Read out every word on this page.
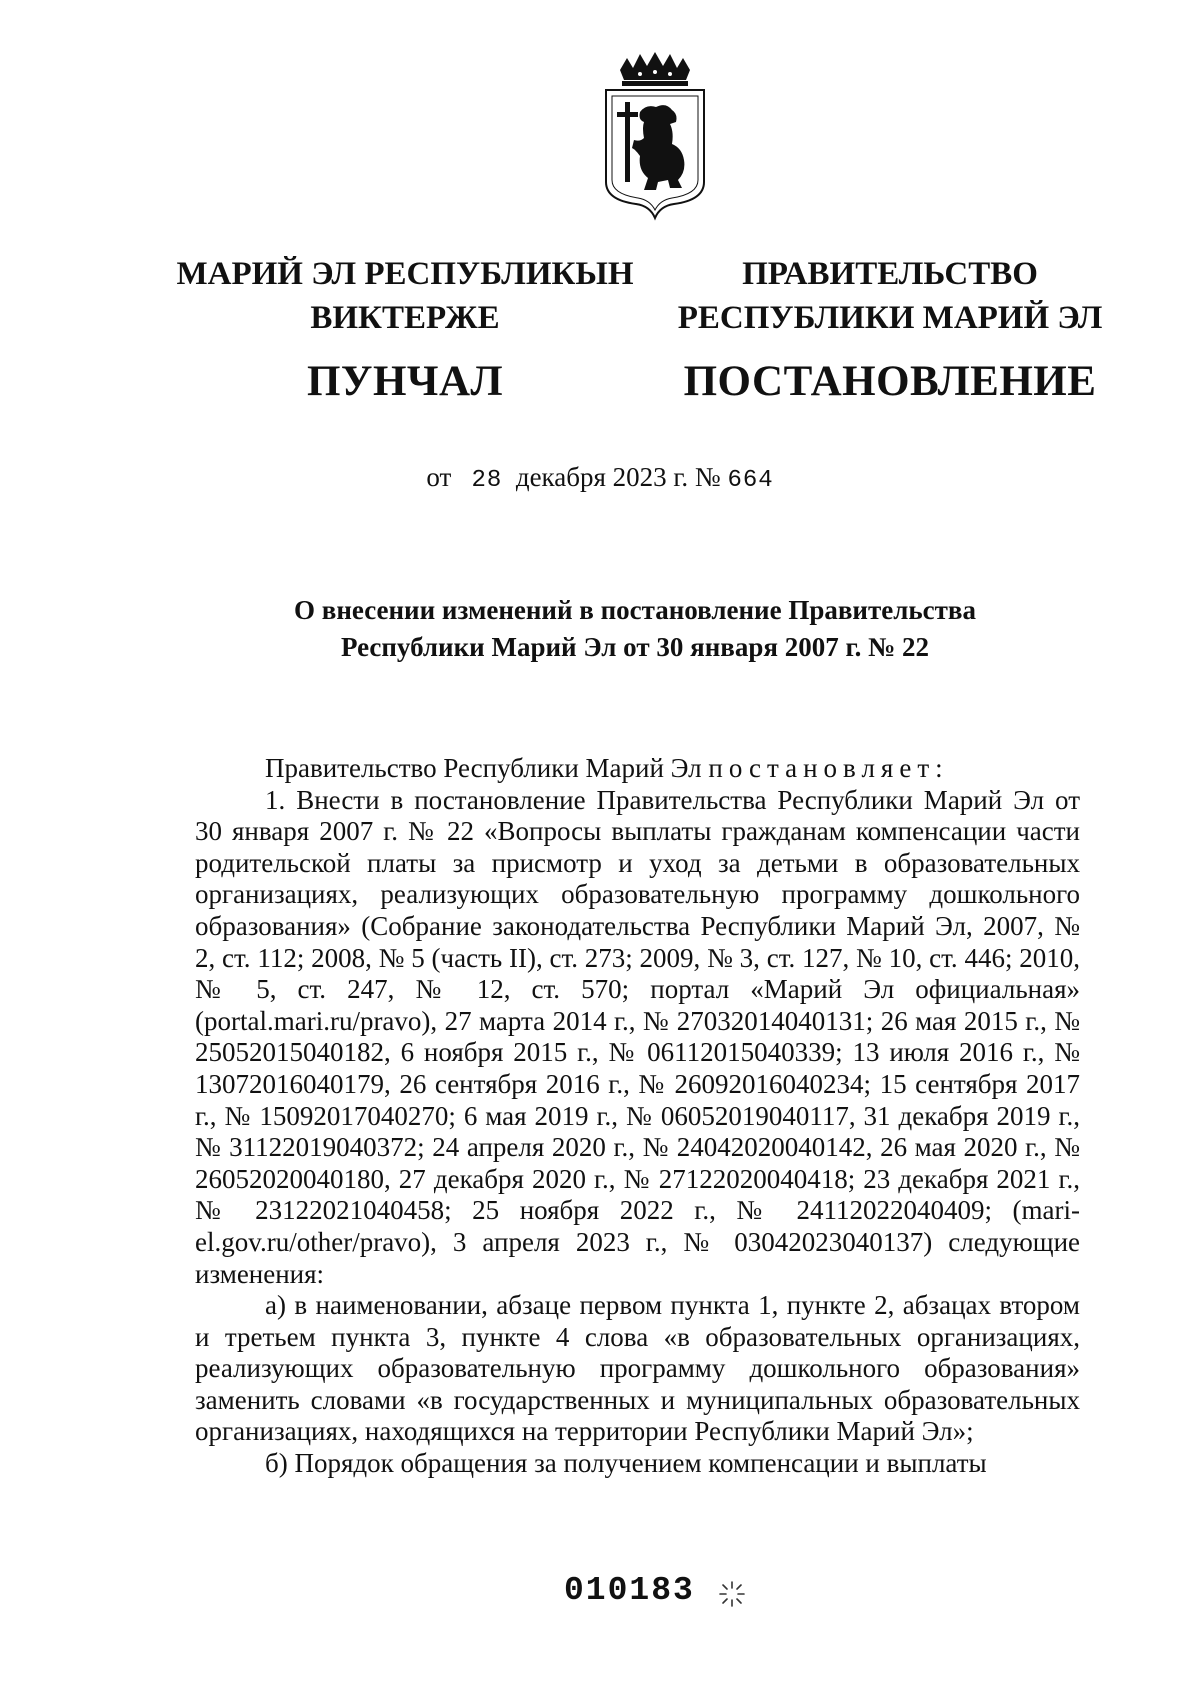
МАРИЙ ЭЛ РЕСПУБЛИКЫН
ВИКТЕРЖЕ
ПУНЧАЛ
ПРАВИТЕЛЬСТВО
РЕСПУБЛИКИ МАРИЙ ЭЛ
ПОСТАНОВЛЕНИЕ
от 28 декабря 2023 г. № 664
О внесении изменений в постановление Правительства
Республики Марий Эл от 30 января 2007 г. № 22

Правительство Республики Марий Эл постановляет:

1. Внести в постановление Правительства Республики Марий Эл от 30 января 2007 г. № 22 «Вопросы выплаты гражданам компенсации части родительской платы за присмотр и уход за детьми в образовательных организациях, реализующих образовательную программу дошкольного образования» (Собрание законодательства Республики Марий Эл, 2007, № 2, ст. 112; 2008, № 5 (часть II), ст. 273; 2009, № 3, ст. 127, № 10, ст. 446; 2010, № 5, ст. 247, № 12, ст. 570; портал «Марий Эл официальная» (portal.mari.ru/pravo), 27 марта 2014 г., № 27032014040131; 26 мая 2015 г., № 25052015040182, 6 ноября 2015 г., № 06112015040339; 13 июля 2016 г., № 13072016040179, 26 сентября 2016 г., № 26092016040234; 15 сентября 2017 г., № 15092017040270; 6 мая 2019 г., № 06052019040117, 31 декабря 2019 г., № 31122019040372; 24 апреля 2020 г., № 24042020040142, 26 мая 2020 г., № 26052020040180, 27 декабря 2020 г., № 27122020040418; 23 декабря 2021 г., № 23122021040458; 25 ноября 2022 г., № 24112022040409; (mari-el.gov.ru/other/pravo), 3 апреля 2023 г., № 03042023040137) следующие изменения:

а) в наименовании, абзаце первом пункта 1, пункте 2, абзацах втором и третьем пункта 3, пункте 4 слова «в образовательных организациях, реализующих образовательную программу дошкольного образования» заменить словами «в государственных и муниципальных образовательных организациях, находящихся на территории Республики Марий Эл»;

б) Порядок обращения за получением компенсации и выплаты

010183
